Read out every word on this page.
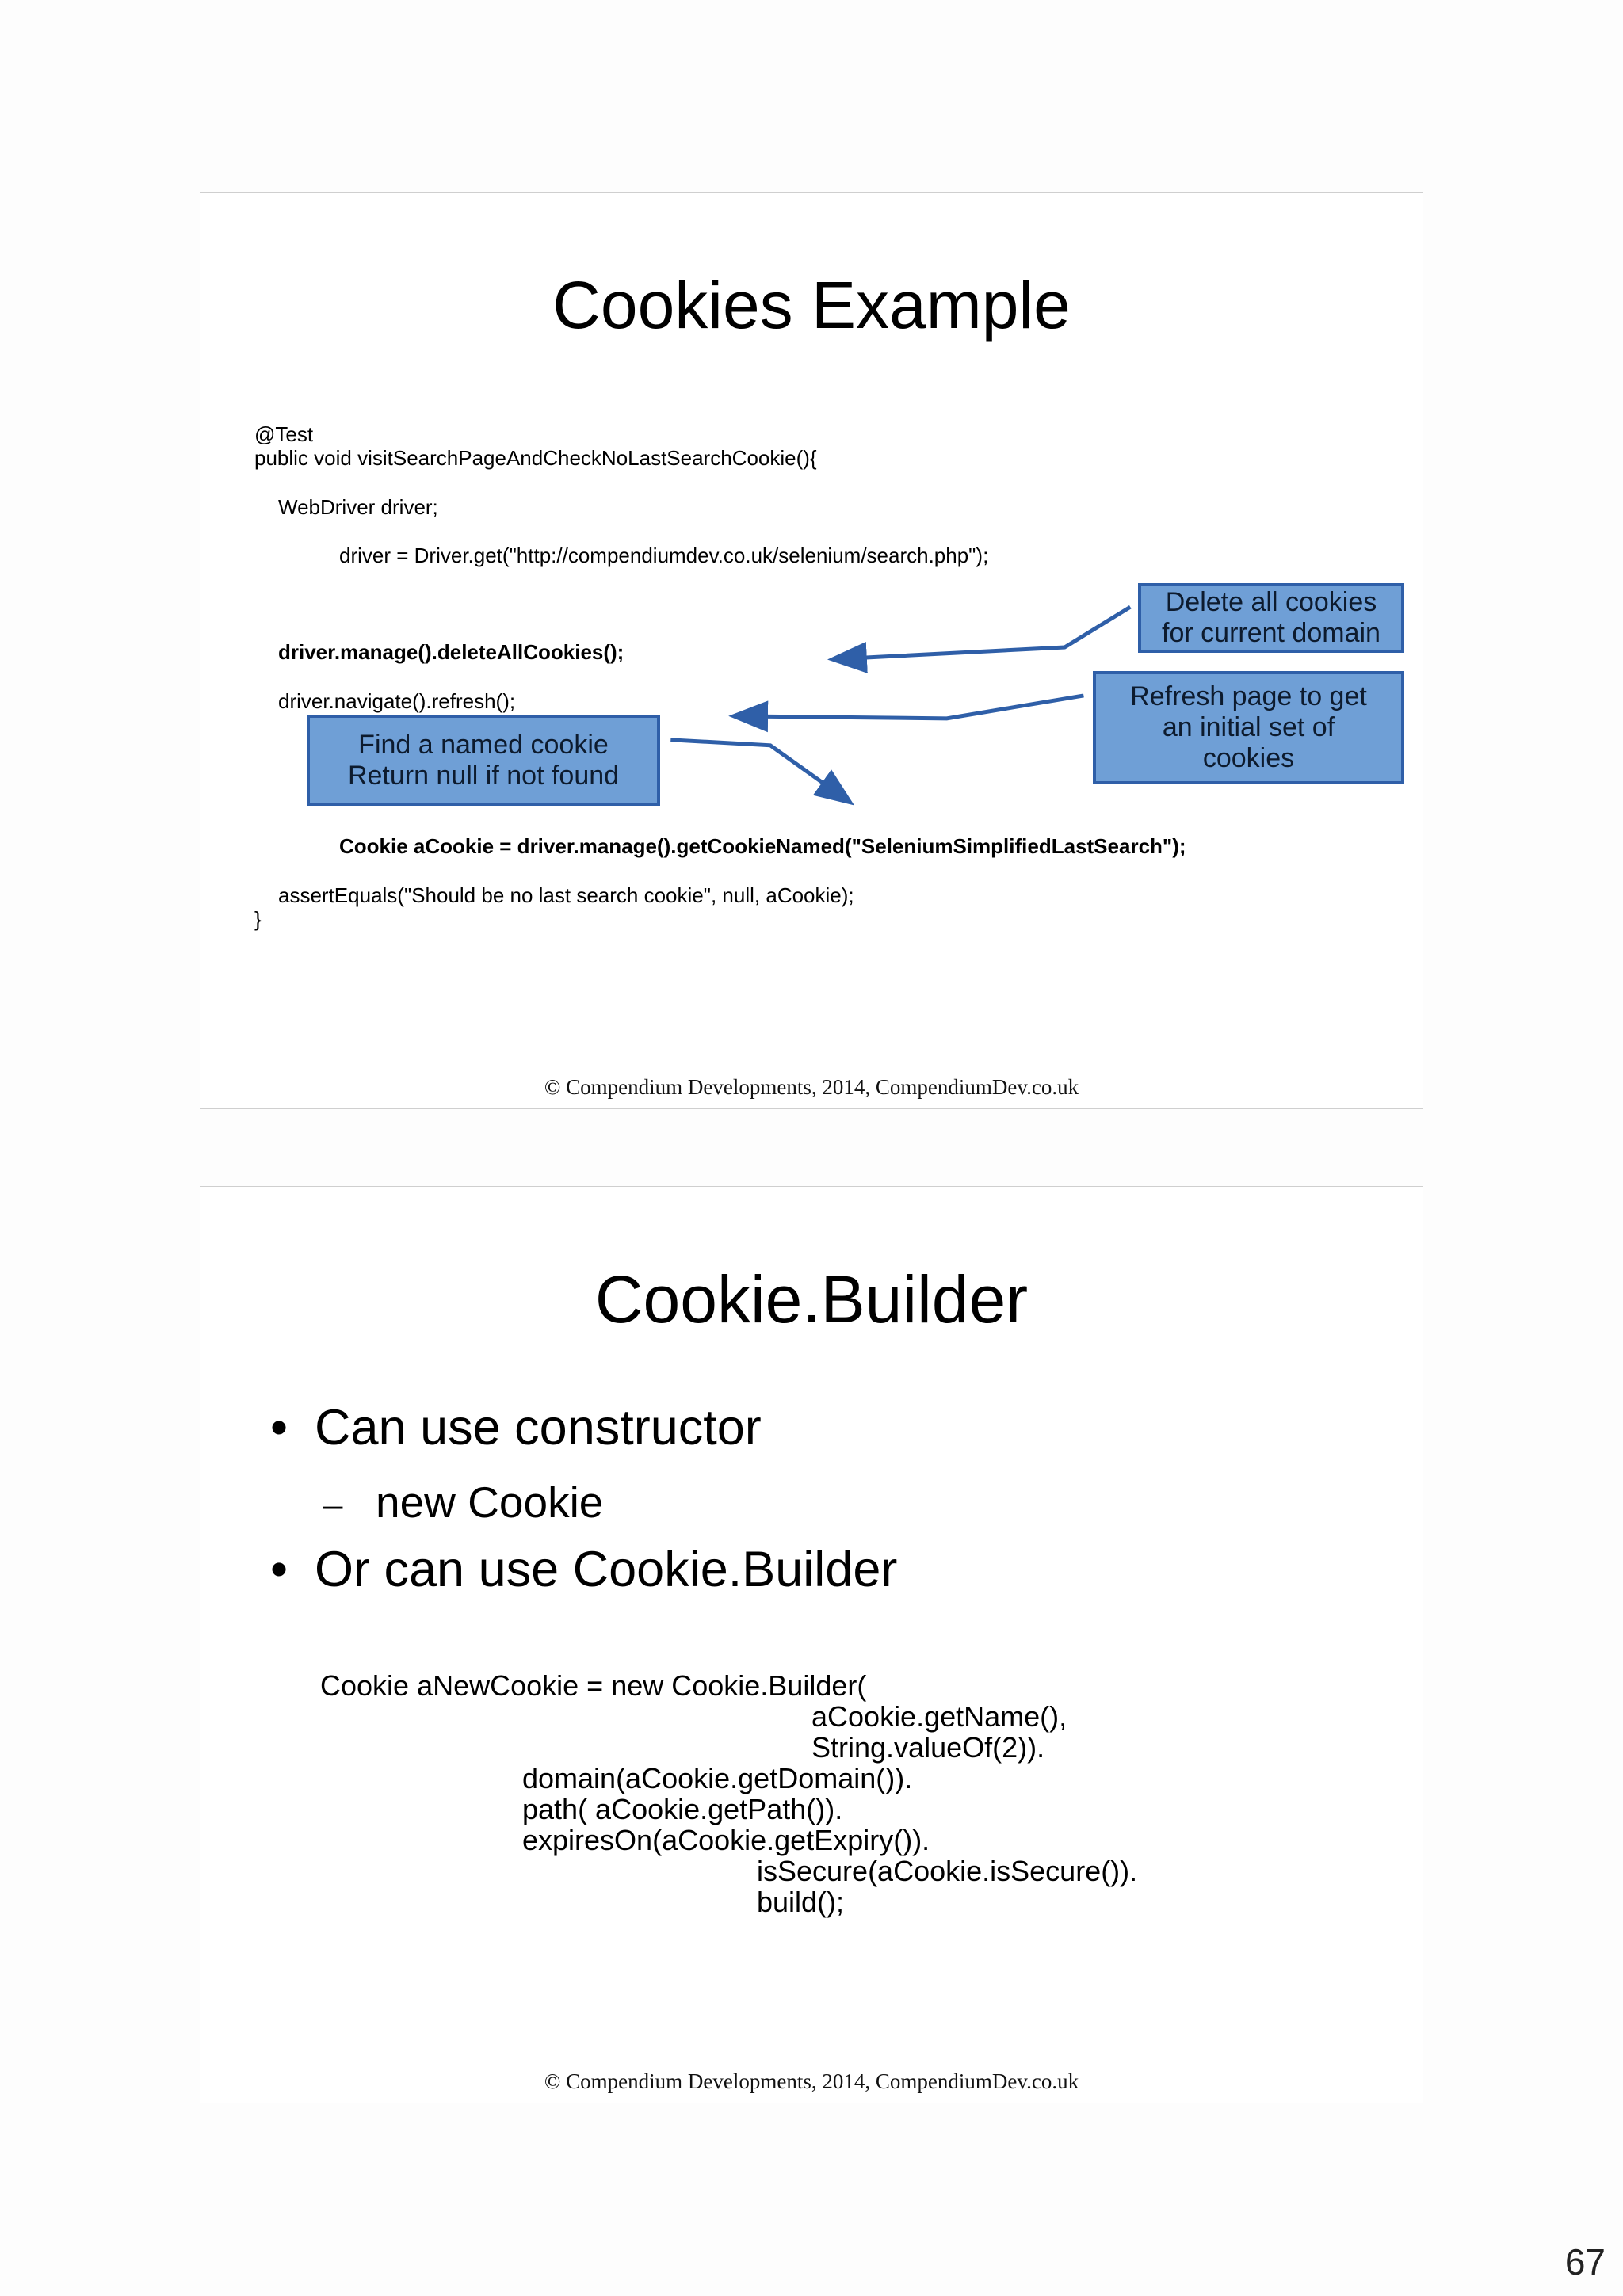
Cookies Example
@Test
public void visitSearchPageAndCheckNoLastSearchCookie(){
WebDriver driver;
driver = Driver.get("http://compendiumdev.co.uk/selenium/search.php");
driver.manage().deleteAllCookies();
driver.navigate().refresh();
Cookie aCookie = driver.manage().getCookieNamed("SeleniumSimplifiedLastSearch");
assertEquals("Should be no last search cookie", null, aCookie);
}
Delete all cookies
for current domain
Refresh page to get
an initial set of
cookies
Find a named cookie
Return null if not found
© Compendium Developments, 2014, CompendiumDev.co.uk
Cookie.Builder
• Can use constructor
– new Cookie
• Or can use Cookie.Builder
Cookie aNewCookie = new Cookie.Builder(
aCookie.getName(),
String.valueOf(2)).
domain(aCookie.getDomain()).
path( aCookie.getPath()).
expiresOn(aCookie.getExpiry()).
isSecure(aCookie.isSecure()).
build();
© Compendium Developments, 2014, CompendiumDev.co.uk
67
